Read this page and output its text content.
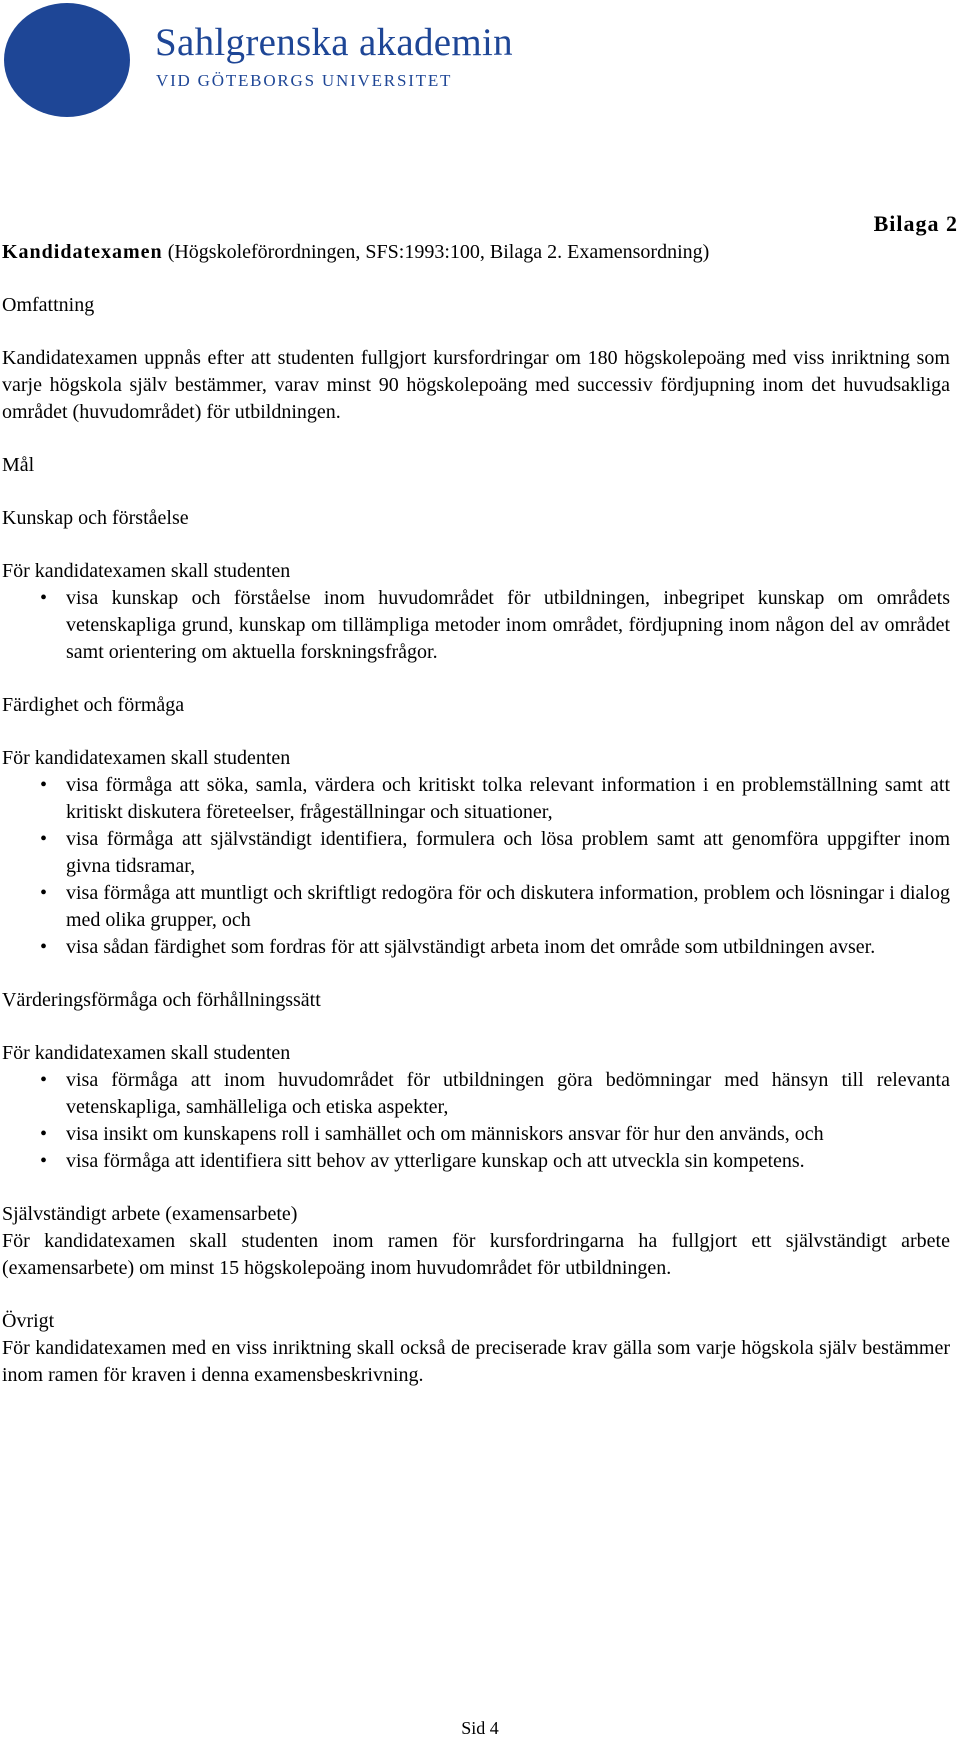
Sahlgrenska akademin
VID GÖTEBORGS UNIVERSITET
Bilaga 2

Kandidatexamen (Högskoleförordningen, SFS:1993:100, Bilaga 2. Examensordning)

Omfattning

Kandidatexamen uppnås efter att studenten fullgjort kursfordringar om 180 högskolepoäng med viss inriktning som varje högskola själv bestämmer, varav minst 90 högskolepoäng med successiv fördjupning inom det huvudsakliga området (huvudområdet) för utbildningen.

Mål

Kunskap och förståelse

För kandidatexamen skall studenten

• visa kunskap och förståelse inom huvudområdet för utbildningen, inbegripet kunskap om områdets vetenskapliga grund, kunskap om tillämpliga metoder inom området, fördjupning inom någon del av området samt orientering om aktuella forskningsfrågor.

Färdighet och förmåga

För kandidatexamen skall studenten

• visa förmåga att söka, samla, värdera och kritiskt tolka relevant information i en problemställning samt att kritiskt diskutera företeelser, frågeställningar och situationer,
• visa förmåga att självständigt identifiera, formulera och lösa problem samt att genomföra uppgifter inom givna tidsramar,
• visa förmåga att muntligt och skriftligt redogöra för och diskutera information, problem och lösningar i dialog med olika grupper, och
• visa sådan färdighet som fordras för att självständigt arbeta inom det område som utbildningen avser.

Värderingsförmåga och förhållningssätt

För kandidatexamen skall studenten

• visa förmåga att inom huvudområdet för utbildningen göra bedömningar med hänsyn till relevanta vetenskapliga, samhälleliga och etiska aspekter,
• visa insikt om kunskapens roll i samhället och om människors ansvar för hur den används, och
• visa förmåga att identifiera sitt behov av ytterligare kunskap och att utveckla sin kompetens.

Självständigt arbete (examensarbete)

För kandidatexamen skall studenten inom ramen för kursfordringarna ha fullgjort ett självständigt arbete (examensarbete) om minst 15 högskolepoäng inom huvudområdet för utbildningen.

Övrigt

För kandidatexamen med en viss inriktning skall också de preciserade krav gälla som varje högskola själv bestämmer inom ramen för kraven i denna examensbeskrivning.

Sid 4
